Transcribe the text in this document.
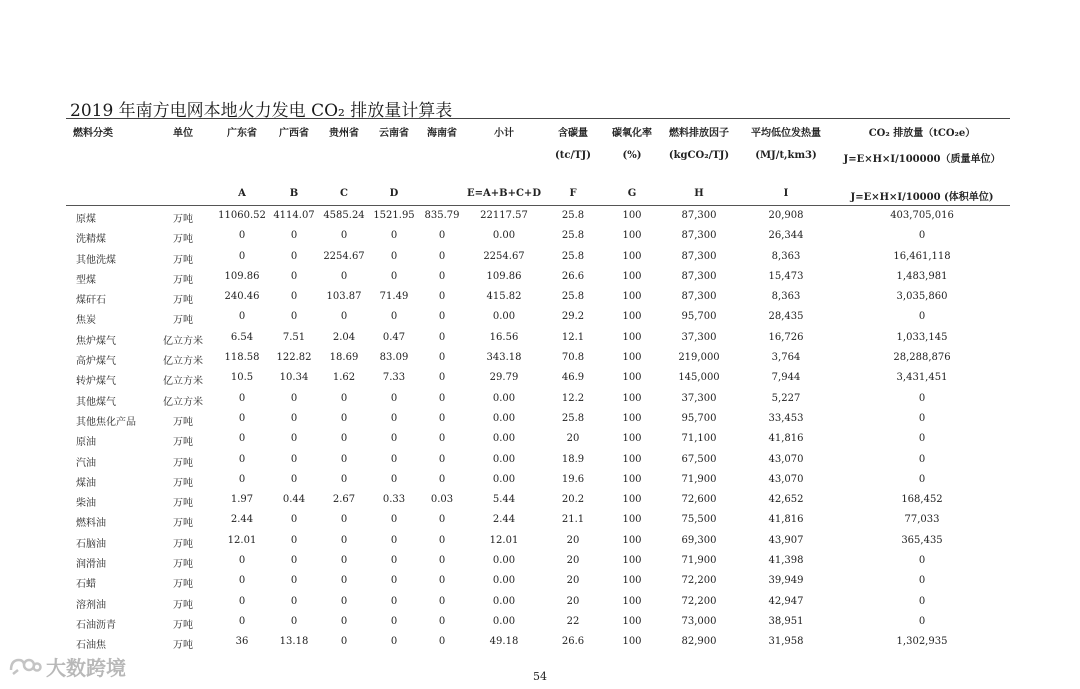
2019 年南方电网本地火力发电 CO₂ 排放量计算表
燃料分类	单位	广东省 广西省 贵州省 云南省 海南省	小计	含碳量 碳氧化率 燃料排放因子 平均低位发热量	CO₂ 排放量（tCO₂e）
(tc/TJ)	(%)	(kgCO₂/TJ)	(MJ/t,km3)	J=E×H×I/100000（质量单位）
A	B	C	D	E=A+B+C+D	F	G	H	I	J=E×H×I/10000 (体积单位)
原煤	万吨	11060.52 4114.07 4585.24 1521.95 835.79 22117.57	25.8	100	87,300	20,908	403,705,016
洗精煤	万吨	0	0	0	0	0	0.00	25.8	100	87,300	26,344	0
其他洗煤	万吨	0	0	2254.67	0	0	2254.67	25.8	100	87,300	8,363	16,461,118
型煤	万吨	109.86	0	0	0	0	109.86	26.6	100	87,300	15,473	1,483,981
煤矸石	万吨	240.46	0	103.87 71.49	0	415.82	25.8	100	87,300	8,363	3,035,860
焦炭	万吨	0	0	0	0	0	0.00	29.2	100	95,700	28,435	0
焦炉煤气	亿立方米	6.54	7.51	2.04	0.47	0	16.56	12.1	100	37,300	16,726	1,033,145
高炉煤气	亿立方米 118.58 122.82 18.69 83.09	0	343.18	70.8	100	219,000	3,764	28,288,876
转炉煤气	亿立方米	10.5	10.34 1.62	7.33	0	29.79	46.9	100	145,000	7,944	3,431,451
其他煤气	亿立方米	0	0	0	0	0	0.00	12.2	100	37,300	5,227	0
其他焦化产品	万吨	0	0	0	0	0	0.00	25.8	100	95,700	33,453	0
原油	万吨	0	0	0	0	0	0.00	20	100	71,100	41,816	0
汽油	万吨	0	0	0	0	0	0.00	18.9	100	67,500	43,070	0
煤油	万吨	0	0	0	0	0	0.00	19.6	100	71,900	43,070	0
柴油	万吨	1.97	0.44	2.67	0.33	0.03	5.44	20.2	100	72,600	42,652	168,452
燃料油	万吨	2.44	0	0	0	0	2.44	21.1	100	75,500	41,816	77,033
石脑油	万吨	12.01	0	0	0	0	12.01	20	100	69,300	43,907	365,435
润滑油	万吨	0	0	0	0	0	0.00	20	100	71,900	41,398	0
石蜡	万吨	0	0	0	0	0	0.00	20	100	72,200	39,949	0
溶剂油	万吨	0	0	0	0	0	0.00	20	100	72,200	42,947	0
石油沥青	万吨	0	0	0	0	0	0.00	22	100	73,000	38,951	0
石油焦	万吨	36	13.18	0	0	0	49.18	26.6	100	82,900	31,958	1,302,935
54
大数跨境
